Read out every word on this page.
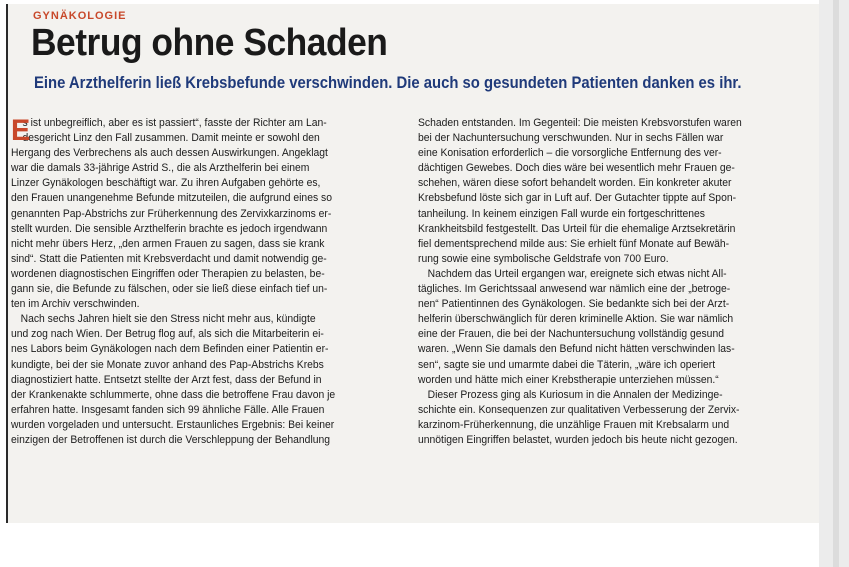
GYNÄKOLOGIE
Betrug ohne Schaden
Eine Arzthelferin ließ Krebsbefunde verschwinden. Die auch so gesundeten Patienten danken es ihr.
E
s ist unbegreiflich, aber es ist passiert“, fasste der Richter am Lan-
desgericht Linz den Fall zusammen. Damit meinte er sowohl den
Hergang des Verbrechens als auch dessen Auswirkungen. Angeklagt
war die damals 33-jährige Astrid S., die als Arzthelferin bei einem
Linzer Gynäkologen beschäftigt war. Zu ihren Aufgaben gehörte es,
den Frauen unangenehme Befunde mitzuteilen, die aufgrund eines so
genannten Pap-Abstrichs zur Früherkennung des Zervixkarzinoms er-
stellt wurden. Die sensible Arzthelferin brachte es jedoch irgendwann
nicht mehr übers Herz, „den armen Frauen zu sagen, dass sie krank
sind“. Statt die Patienten mit Krebsverdacht und damit notwendig ge-
wordenen diagnostischen Eingriffen oder Therapien zu belasten, be-
gann sie, die Befunde zu fälschen, oder sie ließ diese einfach tief un-
ten im Archiv verschwinden.
Nach sechs Jahren hielt sie den Stress nicht mehr aus, kündigte
und zog nach Wien. Der Betrug flog auf, als sich die Mitarbeiterin ei-
nes Labors beim Gynäkologen nach dem Befinden einer Patientin er-
kundigte, bei der sie Monate zuvor anhand des Pap-Abstrichs Krebs
diagnostiziert hatte. Entsetzt stellte der Arzt fest, dass der Befund in
der Krankenakte schlummerte, ohne dass die betroffene Frau davon je
erfahren hatte. Insgesamt fanden sich 99 ähnliche Fälle. Alle Frauen
wurden vorgeladen und untersucht. Erstaunliches Ergebnis: Bei keiner
einzigen der Betroffenen ist durch die Verschleppung der Behandlung
Schaden entstanden. Im Gegenteil: Die meisten Krebsvorstufen waren
bei der Nachuntersuchung verschwunden. Nur in sechs Fällen war
eine Konisation erforderlich – die vorsorgliche Entfernung des ver-
dächtigen Gewebes. Doch dies wäre bei wesentlich mehr Frauen ge-
schehen, wären diese sofort behandelt worden. Ein konkreter akuter
Krebsbefund löste sich gar in Luft auf. Der Gutachter tippte auf Spon-
tanheilung. In keinem einzigen Fall wurde ein fortgeschrittenes
Krankheitsbild festgestellt. Das Urteil für die ehemalige Arztsekretärin
fiel dementsprechend milde aus: Sie erhielt fünf Monate auf Bewäh-
rung sowie eine symbolische Geldstrafe von 700 Euro.
Nachdem das Urteil ergangen war, ereignete sich etwas nicht All-
tägliches. Im Gerichtssaal anwesend war nämlich eine der „betroge-
nen“ Patientinnen des Gynäkologen. Sie bedankte sich bei der Arzt-
helferin überschwänglich für deren kriminelle Aktion. Sie war nämlich
eine der Frauen, die bei der Nachuntersuchung vollständig gesund
waren. „Wenn Sie damals den Befund nicht hätten verschwinden las-
sen“, sagte sie und umarmte dabei die Täterin, „wäre ich operiert
worden und hätte mich einer Krebstherapie unterziehen müssen.“
Dieser Prozess ging als Kuriosum in die Annalen der Medizinge-
schichte ein. Konsequenzen zur qualitativen Verbesserung der Zervix-
karzinom-Früherkennung, die unzählige Frauen mit Krebsalarm und
unnötigen Eingriffen belastet, wurden jedoch bis heute nicht gezogen.
